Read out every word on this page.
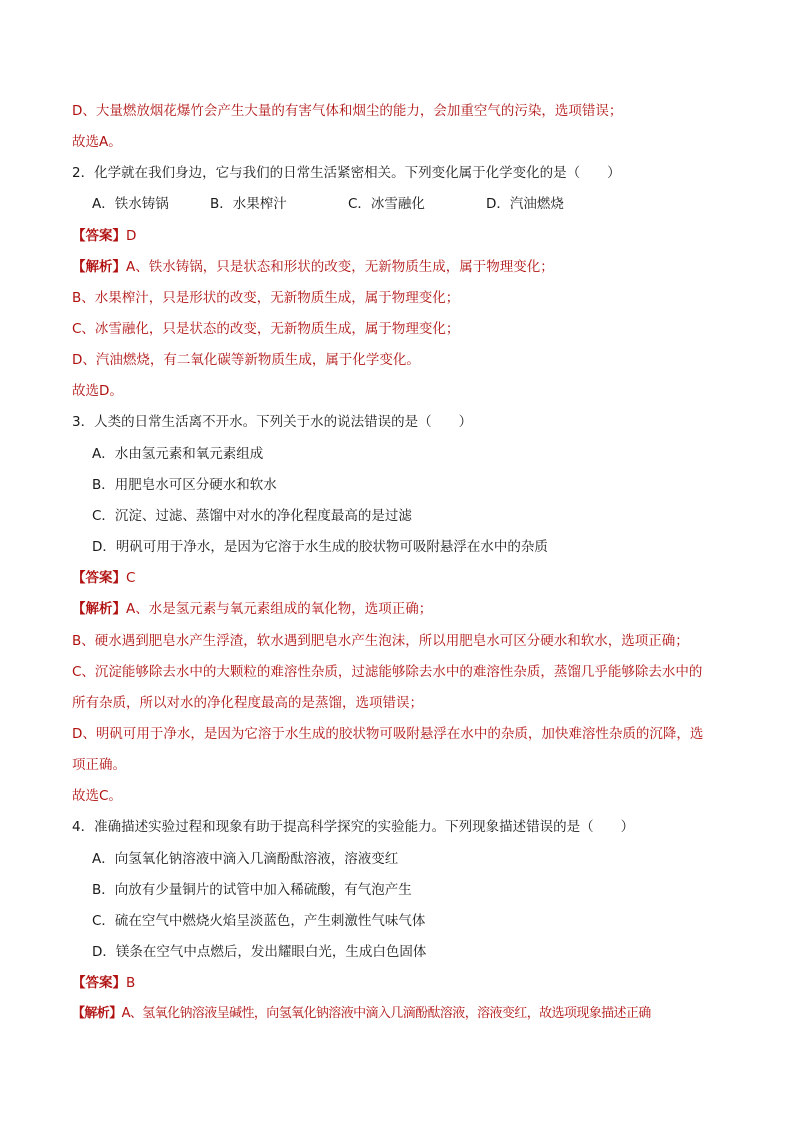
D、大量燃放烟花爆竹会产生大量的有害气体和烟尘的能力，会加重空气的污染，选项错误；
故选A。
2．化学就在我们身边，它与我们的日常生活紧密相关。下列变化属于化学变化的是（　　）
A．铁水铸锅	B．水果榨汁	C．冰雪融化	D．汽油燃烧
【答案】D
【解析】A、铁水铸锅，只是状态和形状的改变，无新物质生成，属于物理变化；
B、水果榨汁，只是形状的改变，无新物质生成，属于物理变化；
C、冰雪融化，只是状态的改变，无新物质生成，属于物理变化；
D、汽油燃烧，有二氧化碳等新物质生成，属于化学变化。
故选D。
3．人类的日常生活离不开水。下列关于水的说法错误的是（　　）
A．水由氢元素和氧元素组成
B．用肥皂水可区分硬水和软水
C．沉淀、过滤、蒸馏中对水的净化程度最高的是过滤
D．明矾可用于净水，是因为它溶于水生成的胶状物可吸附悬浮在水中的杂质
【答案】C
【解析】A、水是氢元素与氧元素组成的氧化物，选项正确；
B、硬水遇到肥皂水产生浮渣，软水遇到肥皂水产生泡沫，所以用肥皂水可区分硬水和软水，选项正确；
C、沉淀能够除去水中的大颗粒的难溶性杂质，过滤能够除去水中的难溶性杂质，蒸馏几乎能够除去水中的
所有杂质，所以对水的净化程度最高的是蒸馏，选项错误；
D、明矾可用于净水，是因为它溶于水生成的胶状物可吸附悬浮在水中的杂质，加快难溶性杂质的沉降，选
项正确。
故选C。
4．准确描述实验过程和现象有助于提高科学探究的实验能力。下列现象描述错误的是（　　）
A．向氢氧化钠溶液中滴入几滴酚酞溶液，溶液变红
B．向放有少量铜片的试管中加入稀硫酸，有气泡产生
C．硫在空气中燃烧火焰呈淡蓝色，产生刺激性气味气体
D．镁条在空气中点燃后，发出耀眼白光，生成白色固体
【答案】B
【解析】A、氢氧化钠溶液呈碱性，向氢氧化钠溶液中滴入几滴酚酞溶液，溶液变红，故选项现象描述正确
